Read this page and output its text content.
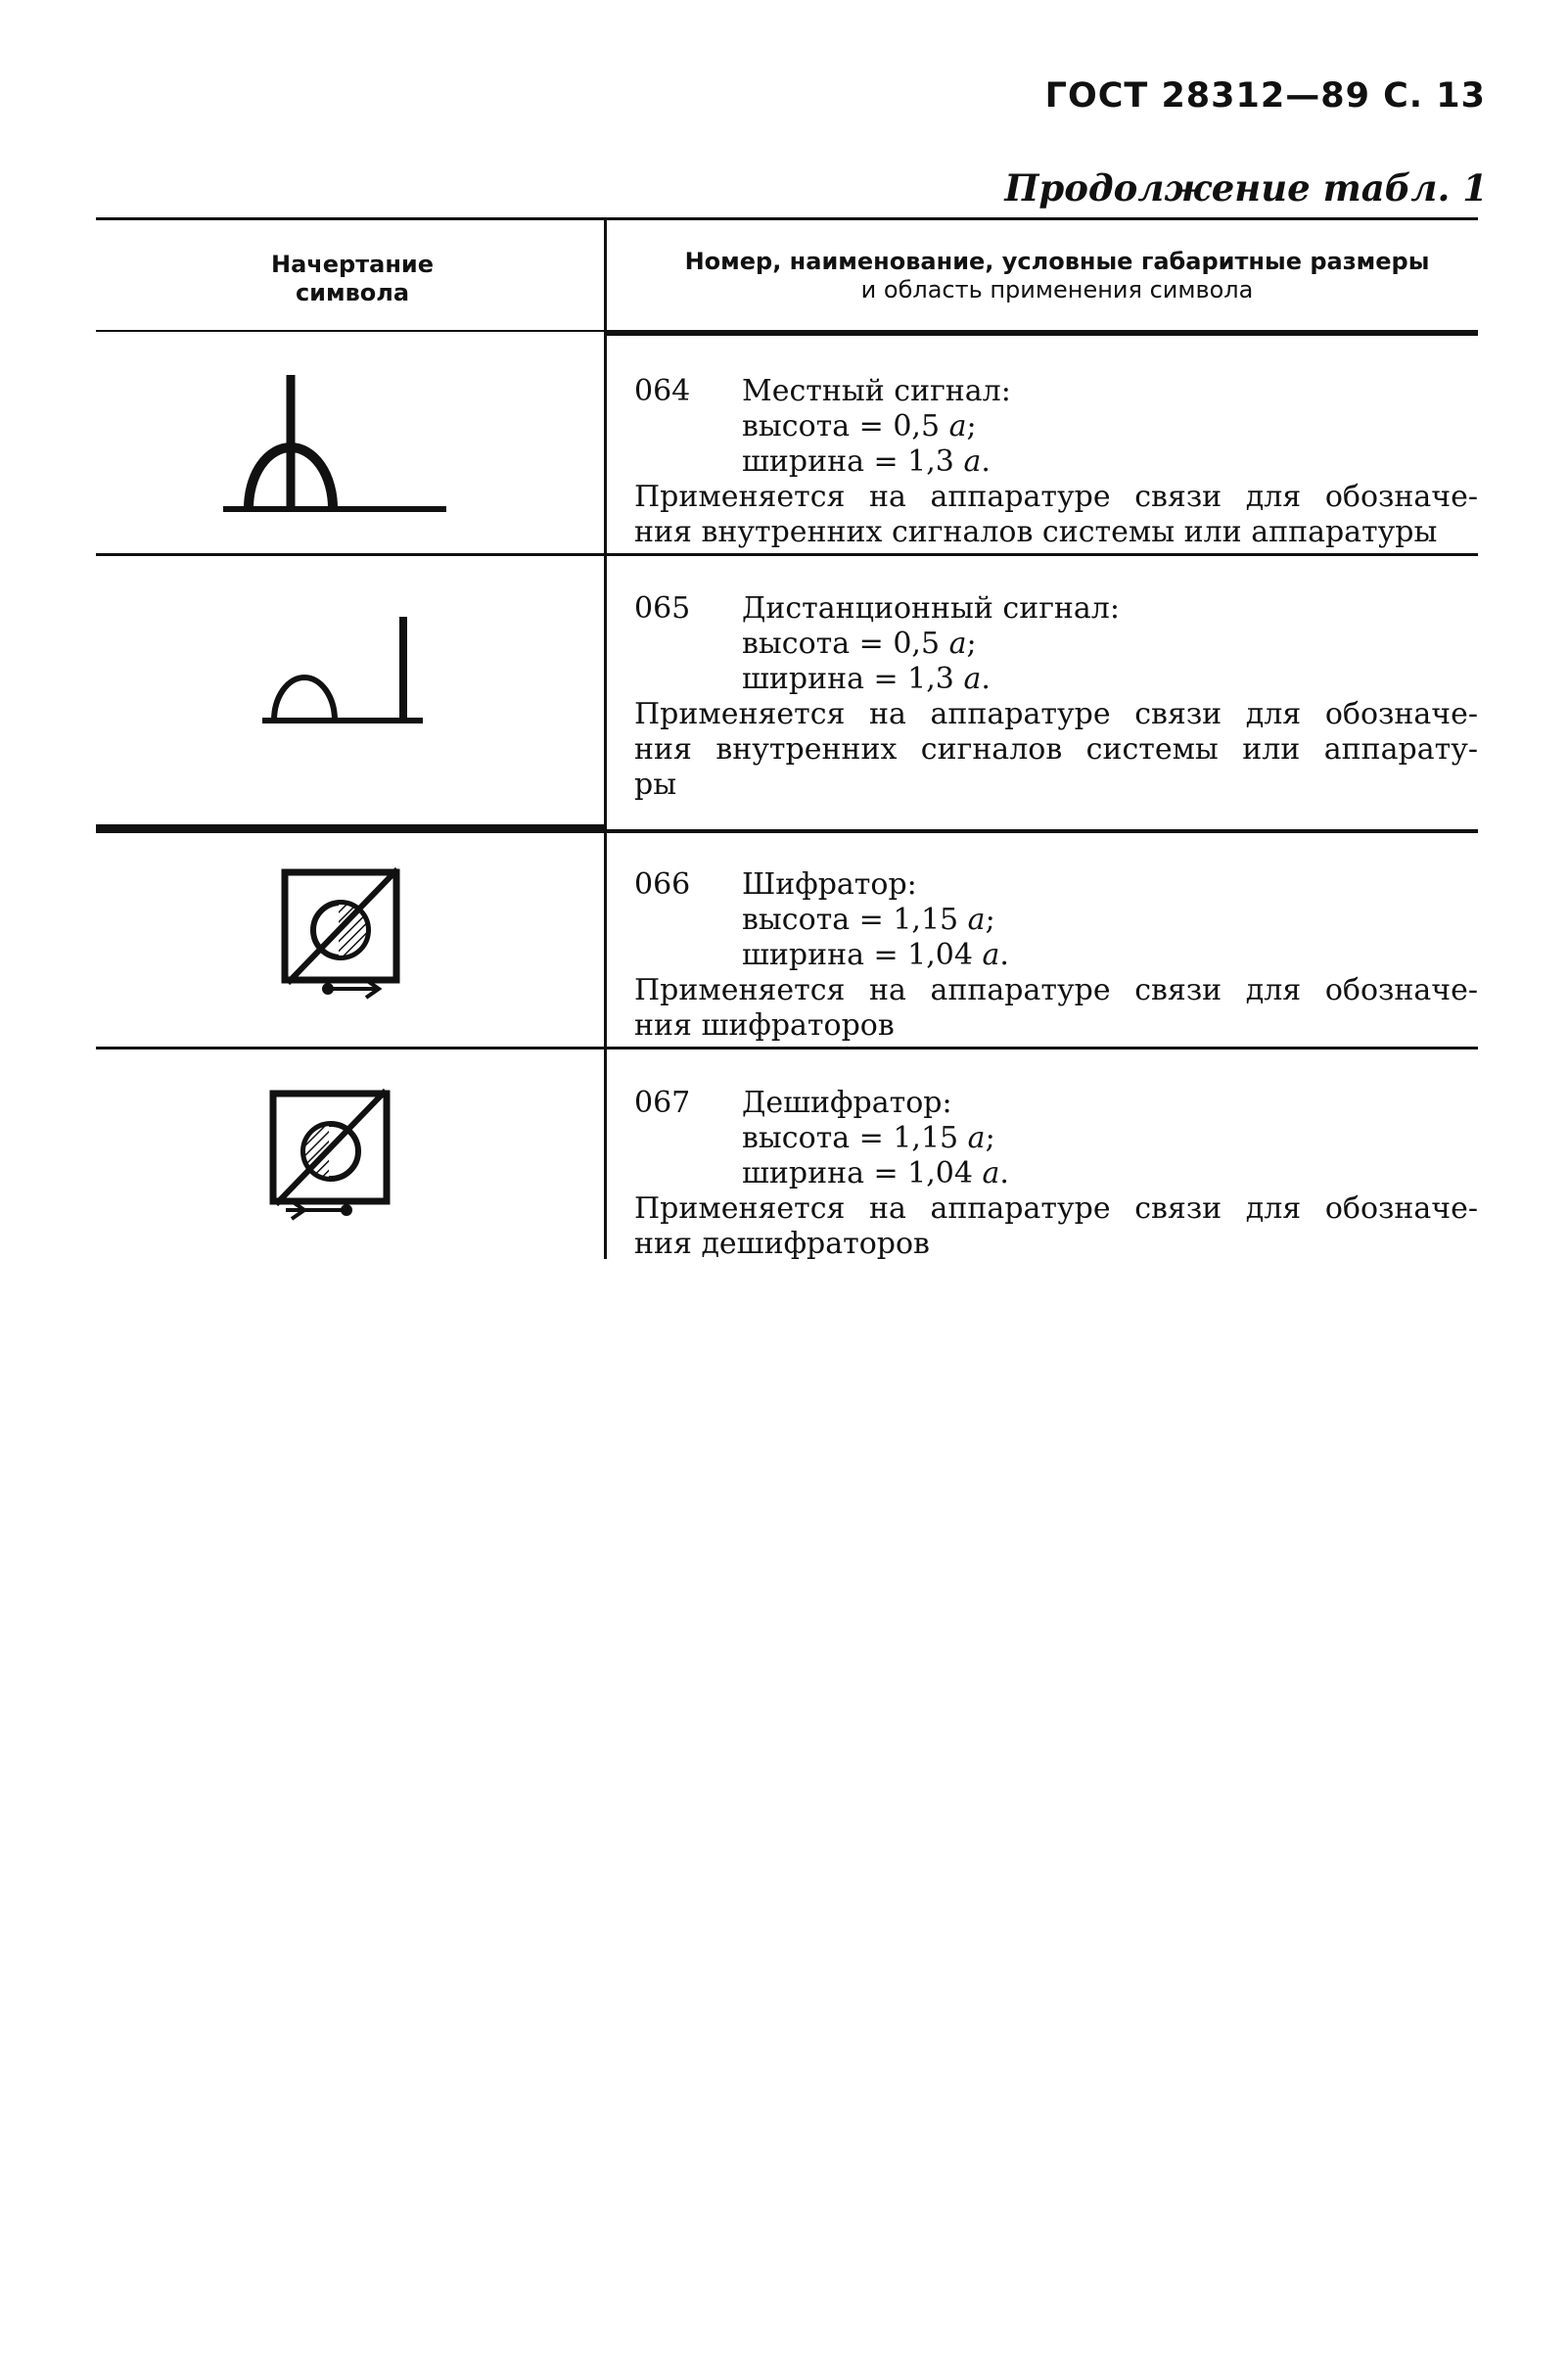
ГОСТ 28312—89 С. 13
Продолжение табл. 1
Начертание
символа
Номер, наименование, условные габаритные размеры
и область применения символа
064 Местный сигнал:
высота = 0,5 a;
ширина = 1,3 a.
Применяется на аппаратуре связи для обозначе-
ния внутренних сигналов системы или аппаратуры
065 Дистанционный сигнал:
высота = 0,5 a;
ширина = 1,3 a.
Применяется на аппаратуре связи для обозначе-
ния внутренних сигналов системы или аппарату-
ры
066 Шифратор:
высота = 1,15 a;
ширина = 1,04 a.
Применяется на аппаратуре связи для обозначе-
ния шифраторов
067 Дешифратор:
высота = 1,15 a;
ширина = 1,04 a.
Применяется на аппаратуре связи для обозначе-
ния дешифраторов
